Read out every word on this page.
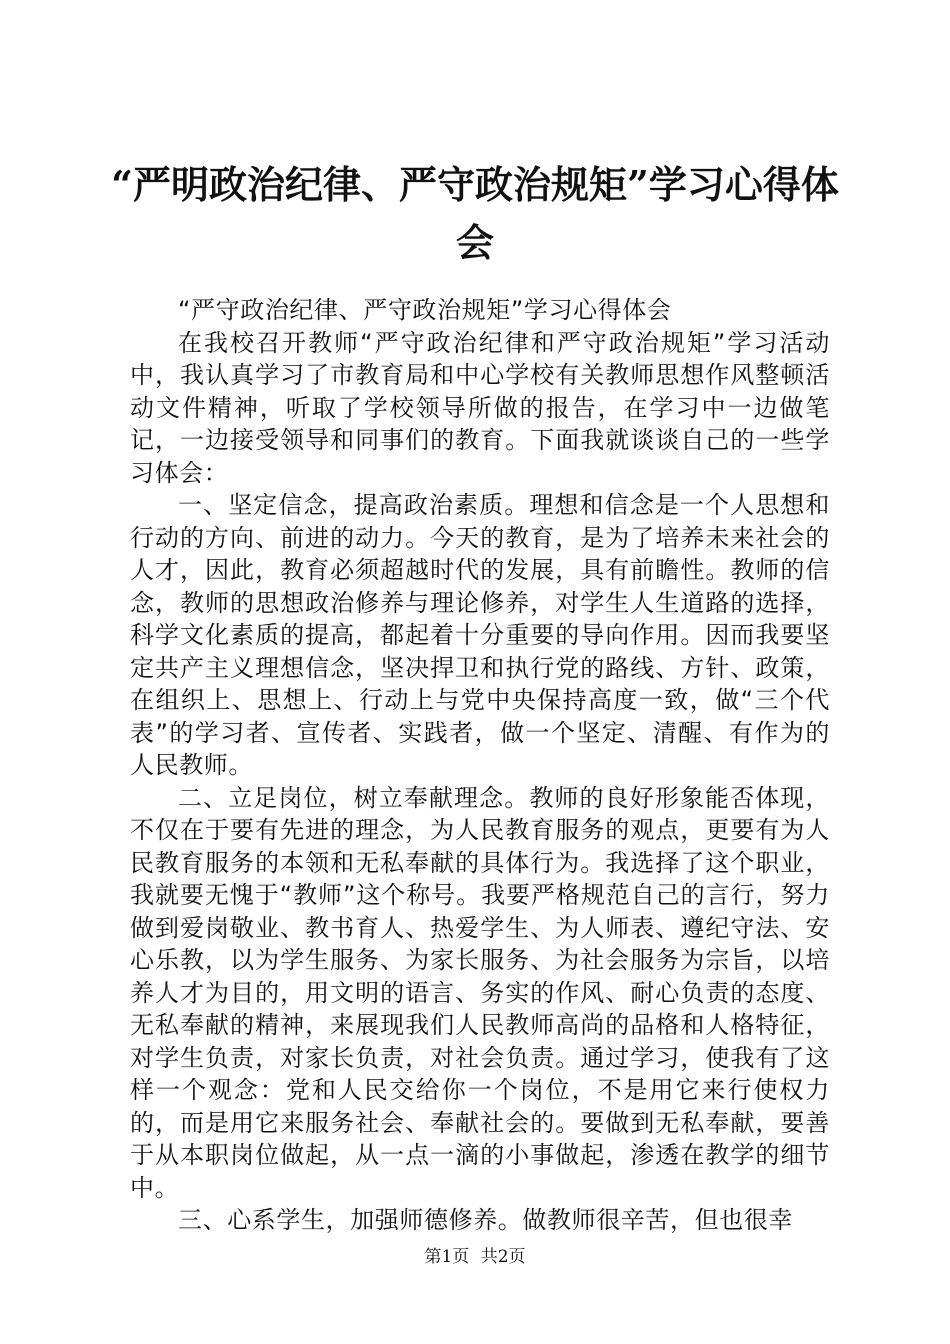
“严明政治纪律、严守政治规矩”学习心得体会

“严守政治纪律、严守政治规矩”学习心得体会

在我校召开教师“严守政治纪律和严守政治规矩”学习活动中，我认真学习了市教育局和中心学校有关教师思想作风整顿活动文件精神，听取了学校领导所做的报告，在学习中一边做笔记，一边接受领导和同事们的教育。下面我就谈谈自己的一些学习体会：

一、坚定信念，提高政治素质。理想和信念是一个人思想和行动的方向、前进的动力。今天的教育，是为了培养未来社会的人才，因此，教育必须超越时代的发展，具有前瞻性。教师的信念，教师的思想政治修养与理论修养，对学生人生道路的选择，科学文化素质的提高，都起着十分重要的导向作用。因而我要坚定共产主义理想信念，坚决捍卫和执行党的路线、方针、政策，在组织上、思想上、行动上与党中央保持高度一致，做“三个代表”的学习者、宣传者、实践者，做一个坚定、清醒、有作为的人民教师。

二、立足岗位，树立奉献理念。教师的良好形象能否体现，不仅在于要有先进的理念，为人民教育服务的观点，更要有为人民教育服务的本领和无私奉献的具体行为。我选择了这个职业，我就要无愧于“教师”这个称号。我要严格规范自己的言行，努力做到爱岗敬业、教书育人、热爱学生、为人师表、遵纪守法、安心乐教，以为学生服务、为家长服务、为社会服务为宗旨，以培养人才为目的，用文明的语言、务实的作风、耐心负责的态度、无私奉献的精神，来展现我们人民教师高尚的品格和人格特征，对学生负责，对家长负责，对社会负责。通过学习，使我有了这样一个观念：党和人民交给你一个岗位，不是用它来行使权力的，而是用它来服务社会、奉献社会的。要做到无私奉献，要善于从本职岗位做起，从一点一滴的小事做起，渗透在教学的细节中。

三、心系学生，加强师德修养。做教师很辛苦，但也很幸

第1页 共2页
